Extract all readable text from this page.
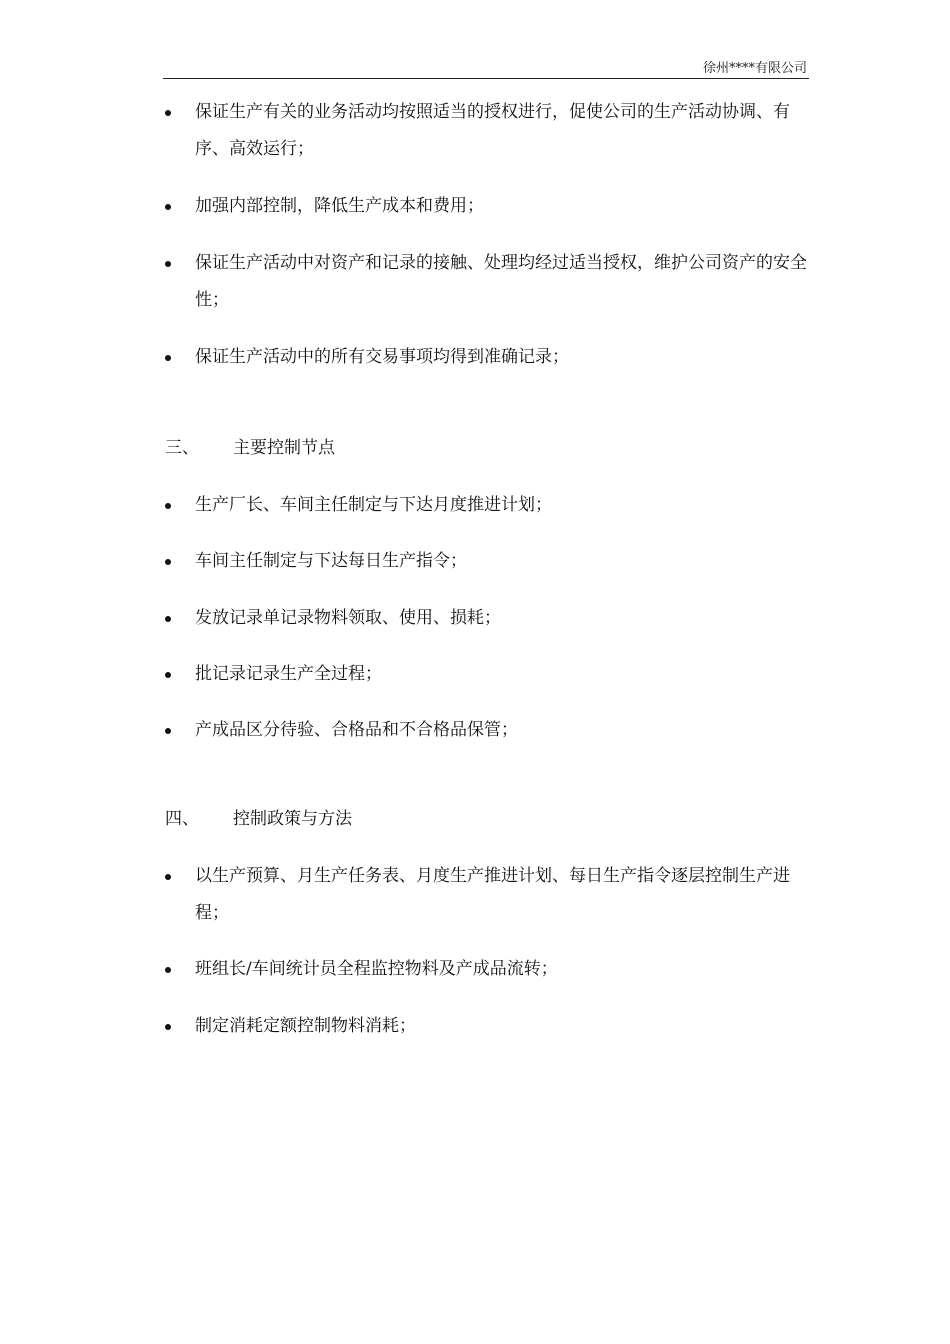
徐州****有限公司
保证生产有关的业务活动均按照适当的授权进行，促使公司的生产活动协调、有序、高效运行；
加强内部控制，降低生产成本和费用；
保证生产活动中对资产和记录的接触、处理均经过适当授权，维护公司资产的安全性；
保证生产活动中的所有交易事项均得到准确记录；
三、 主要控制节点
生产厂长、车间主任制定与下达月度推进计划；
车间主任制定与下达每日生产指令；
发放记录单记录物料领取、使用、损耗；
批记录记录生产全过程；
产成品区分待验、合格品和不合格品保管；
四、 控制政策与方法
以生产预算、月生产任务表、月度生产推进计划、每日生产指令逐层控制生产进程；
班组长/车间统计员全程监控物料及产成品流转；
制定消耗定额控制物料消耗；
